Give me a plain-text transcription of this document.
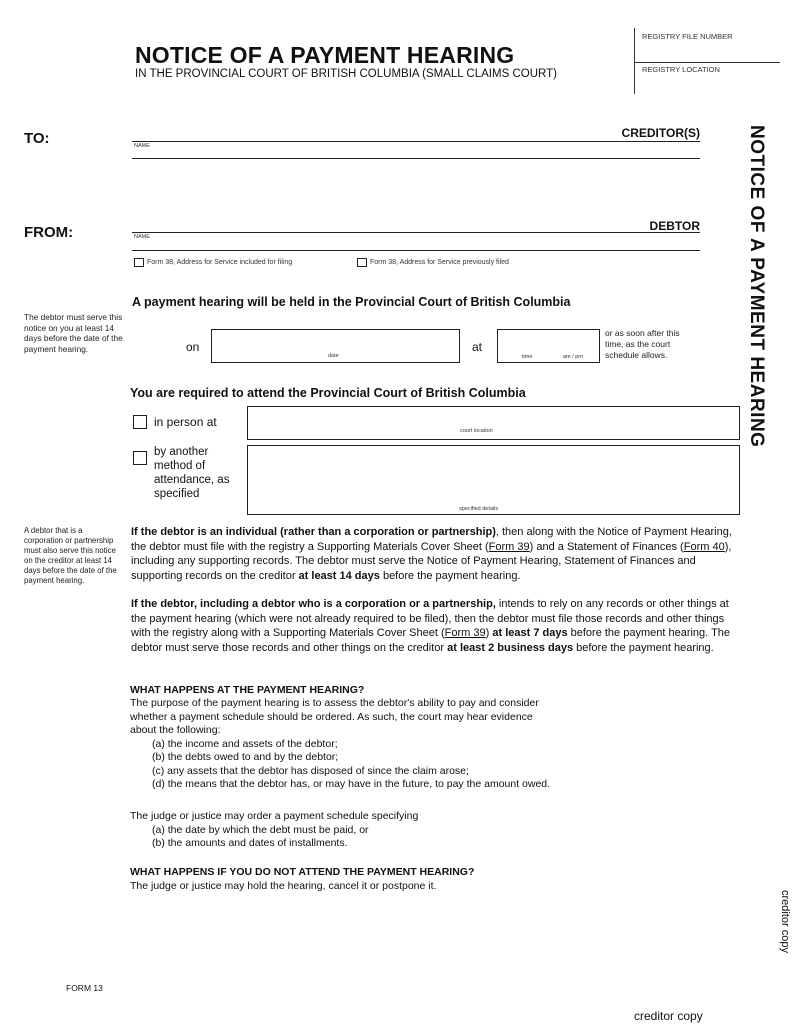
NOTICE OF A PAYMENT HEARING
IN THE PROVINCIAL COURT OF BRITISH COLUMBIA (SMALL CLAIMS COURT)
REGISTRY FILE NUMBER
REGISTRY LOCATION
NOTICE OF A PAYMENT HEARING
TO:	CREDITOR(S)
NAME
FROM:	DEBTOR
NAME
Form 38, Address for Service included for filing	Form 38, Address for Service previously filed
The debtor must serve this notice on you at least 14 days before the date of the payment hearing.
A payment hearing will be held in the Provincial Court of British Columbia
on
date
at
time	am / pm
or as soon after this time, as the court schedule allows.
You are required to attend the Provincial Court of British Columbia
in person at
court location
by another method of attendance, as specified
specified details
A debtor that is a corporation or partnership must also serve this notice on the creditor at least 14 days before the date of the payment hearing.
If the debtor is an individual (rather than a corporation or partnership), then along with the Notice of Payment Hearing, the debtor must file with the registry a Supporting Materials Cover Sheet (Form 39) and a Statement of Finances (Form 40), including any supporting records. The debtor must serve the Notice of Payment Hearing, Statement of Finances and supporting records on the creditor at least 14 days before the payment hearing.
If the debtor, including a debtor who is a corporation or a partnership, intends to rely on any records or other things at the payment hearing (which were not already required to be filed), then the debtor must file those records and other things with the registry along with a Supporting Materials Cover Sheet (Form 39) at least 7 days before the payment hearing. The debtor must serve those records and other things on the creditor at least 2 business days before the payment hearing.
WHAT HAPPENS AT THE PAYMENT HEARING?
The purpose of the payment hearing is to assess the debtor's ability to pay and consider
whether a payment schedule should be ordered. As such, the court may hear evidence
about the following:
(a) the income and assets of the debtor;
(b) the debts owed to and by the debtor;
(c) any assets that the debtor has disposed of since the claim arose;
(d) the means that the debtor has, or may have in the future, to pay the amount owed.
The judge or justice may order a payment schedule specifying
(a) the date by which the debt must be paid, or
(b) the amounts and dates of installments.
WHAT HAPPENS IF YOU DO NOT ATTEND THE PAYMENT HEARING?
The judge or justice may hold the hearing, cancel it or postpone it.
FORM 13
creditor copy
creditor copy
